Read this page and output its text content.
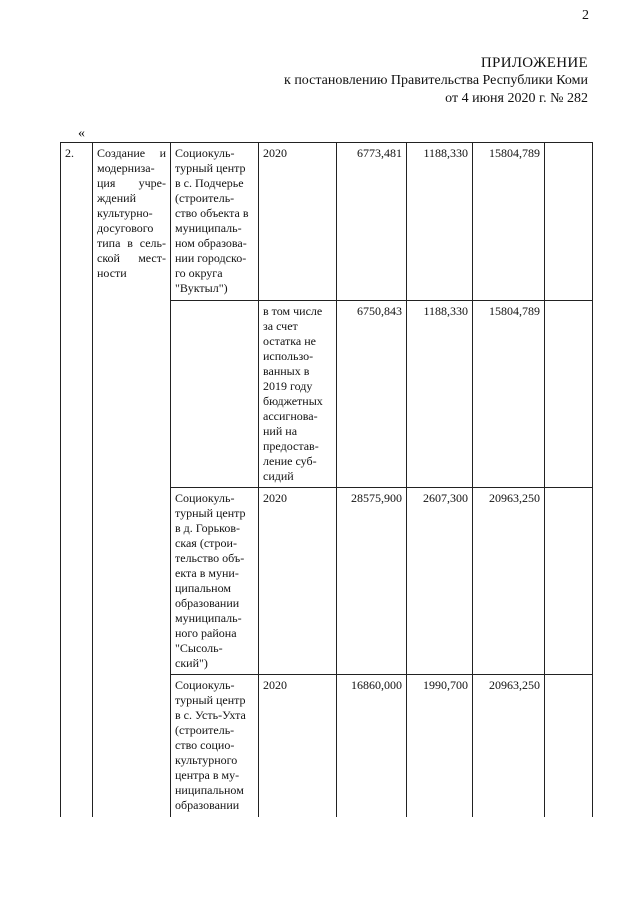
2
ПРИЛОЖЕНИЕ
к постановлению Правительства Республики Коми
от 4 июня 2020 г. № 282
«
2.	Создание и модерниза-ция учре-ждений культурно-досугового типа в сель-ской мест-ности	Социокуль-турный центр в с. Подчерье (строитель-ство объекта в муниципаль-ном образова-нии городско-го округа "Вуктыл")	2020	6773,481	1188,330	15804,789	
			в том числе за счет остатка не использо-ванных в 2019 году бюджетных ассигнова-ний на предостав-ление суб-сидий	6750,843	1188,330	15804,789	
		Социокуль-турный центр в д. Горьков-ская (строи-тельство объ-екта в муни-ципальном образовании муниципаль-ного района "Сысоль-ский")	2020	28575,900	2607,300	20963,250	
		Социокуль-турный центр в с. Усть-Ухта (строитель-ство социо-культурного центра в му-ниципальном образовании	2020	16860,000	1990,700	20963,250	
